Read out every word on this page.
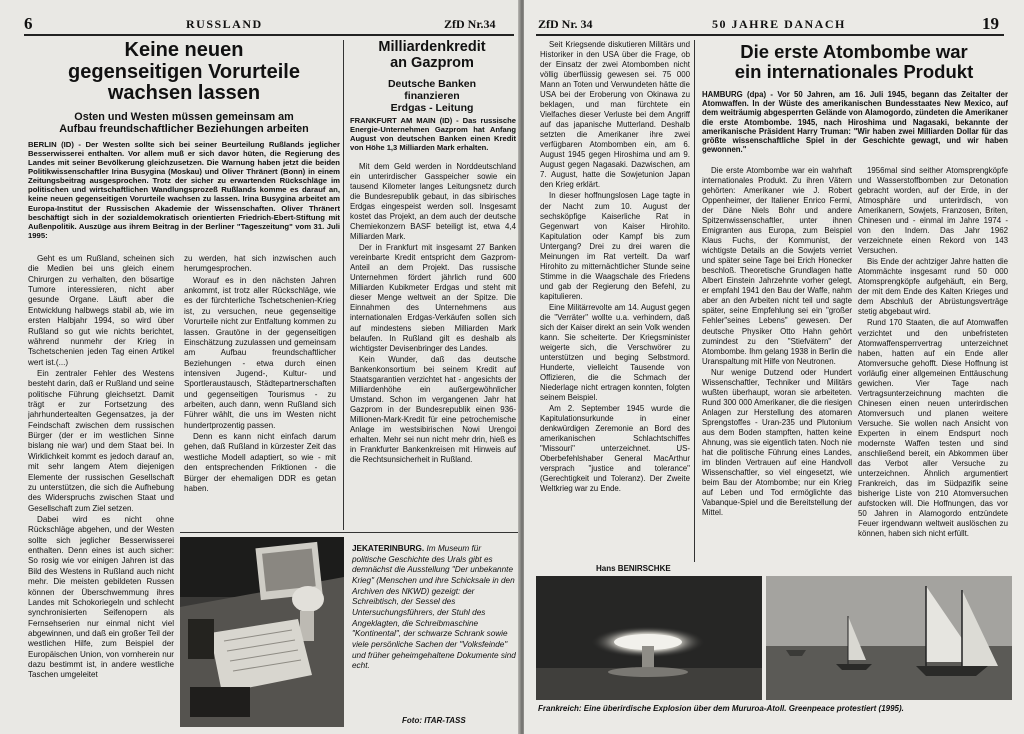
6	RUSSLAND	ZfD Nr.34
Keine neuen
gegenseitigen Vorurteile
wachsen lassen
Osten und Westen müssen gemeinsam am
Aufbau freundschaftlicher Beziehungen arbeiten
BERLIN (ID) - Der Westen sollte sich bei seiner Beurteilung Rußlands jeglicher Besserwisserei enthalten. Vor allem muß er sich davor hüten, die Regierung des Landes mit seiner Bevölkerung gleichzusetzen. Die Warnung haben jetzt die beiden Politikwissenschaftler Irina Busygina (Moskau) und Oliver Thränert (Bonn) in einem Zeitungsbeitrag ausgesprochen. Trotz der sicher zu erwartenden Rückschläge im politischen und wirtschaftlichen Wandlungsprozeß Rußlands komme es darauf an, keine neuen gegenseitigen Vorurteile wachsen zu lassen. Irina Busygina arbeitet am Europa-Institut der Russischen Akademie der Wissenschaften. Oliver Thränert beschäftigt sich in der sozialdemokratisch orientierten Friedrich-Ebert-Stiftung mit Außenpolitik. Auszüge aus ihrem Beitrag in der Berliner "Tageszeitung" vom 31. Juli 1995:

Geht es um Rußland, scheinen sich die Medien bei uns gleich einem Chirurgen zu verhalten, den bösartige Tumore interessieren, nicht aber gesunde Organe. Läuft aber die Entwicklung halbwegs stabil ab, wie im ersten Halbjahr 1994, so wird über Rußland so gut wie nichts berichtet, während nunmehr der Krieg in Tschetschenien jeden Tag einen Artikel wert ist.(...)

Ein zentraler Fehler des Westens besteht darin, daß er Rußland und seine politische Führung gleichsetzt. Damit trägt er zur Fortsetzung des jahrhundertealten Gegensatzes, ja der Feindschaft zwischen dem russischen Bürger (der er im westlichen Sinne bislang nie war) und dem Staat bei. In Wirklichkeit kommt es jedoch darauf an, mit sehr langem Atem diejenigen Elemente der russischen Gesellschaft zu unterstützen, die sich die Aufhebung des Widerspruchs zwischen Staat und Gesellschaft zum Ziel setzen.

Dabei wird es nicht ohne Rückschläge abgehen, und der Westen sollte sich jeglicher Besserwisserei enthalten. Denn eines ist auch sicher: So rosig wie vor einigen Jahren ist das Bild des Westens in Rußland auch nicht mehr. Die meisten gebildeten Russen können der Überschwemmung ihres Landes mit Schokoriegeln und schlecht synchronisierten Seifenopern als Fernsehserien nur einmal nicht viel abgewinnen, und daß ein großer Teil der westlichen Hilfe, zum Beispiel der Europäischen Union, von vornherein nur dazu bestimmt ist, in andere westliche Taschen umgeleitet

zu werden, hat sich inzwischen auch herumgesprochen.

Worauf es in den nächsten Jahren ankommt, ist trotz aller Rückschläge, wie es der fürchterliche Tschetschenien-Krieg ist, zu versuchen, neue gegenseitige Vorurteile nicht zur Entfaltung kommen zu lassen. Grautöne in der gegenseitigen Einschätzung zuzulassen und gemeinsam am Aufbau freundschaftlicher Beziehungen - etwa durch einen intensiven Jugend-, Kultur- und Sportleraustausch, Städtepartnerschaften und gegenseitigen Tourismus - zu arbeiten, auch dann, wenn Rußland sich Führer wählt, die uns im Westen nicht hundertprozentig passen.

Denn es kann nicht einfach darum gehen, daß Rußland in kürzester Zeit das westliche Modell adaptiert, so wie - mit den entsprechenden Friktionen - die Bürger der ehemaligen DDR es getan haben.

Milliardenkredit
an Gazprom
Deutsche Banken
finanzieren
Erdgas - Leitung
FRANKFURT AM MAIN (ID) - Das russische Energie-Unternehmen Gazprom hat Anfang August von deutschen Banken einen Kredit von Höhe 1,3 Milliarden Mark erhalten.

Mit dem Geld werden in Norddeutschland ein unterirdischer Gasspeicher sowie ein tausend Kilometer langes Leitungsnetz durch die Bundesrepublik gebaut, in das sibirisches Erdgas eingespeist werden soll. Insgesamt kostet das Projekt, an dem auch der deutsche Chemiekonzern BASF beteiligt ist, etwa 4,4 Milliarden Mark.

Der in Frankfurt mit insgesamt 27 Banken vereinbarte Kredit entspricht dem Gazprom-Anteil an dem Projekt. Das russische Unternehmen fördert jährlich rund 600 Milliarden Kubikmeter Erdgas und steht mit dieser Menge weltweit an der Spitze. Die Einnahmen des Unternehmens aus internationalen Erdgas-Verkäufen sollen sich auf mindestens sieben Milliarden Mark belaufen. In Rußland gilt es deshalb als wichtigster Devisenbringer des Landes.

Kein Wunder, daß das deutsche Bankenkonsortium bei seinem Kredit auf Staatsgarantien verzichtet hat - angesichts der Milliardenhöhe ein außergewöhnlicher Umstand. Schon im vergangenen Jahr hat Gazprom in der Bundesrepublik einen 936-Millionen-Mark-Kredit für eine petrochemische Anlage im westsibirischen Nowi Urengoi erhalten. Mehr sei nun nicht mehr drin, hieß es in Frankfurter Bankenkreisen mit Hinweis auf die Rechtsunsicherheit in Rußland.

JEKATERINBURG. Im Museum für politische Geschichte des Urals gibt es demnächst die Ausstellung "Der unbekannte Krieg" (Menschen und ihre Schicksale in den Archiven des NKWD) gezeigt: der Schreibtisch, der Sessel des Untersuchungsführers, der Stuhl des Angeklagten, die Schreibmaschine "Kontinental", der schwarze Schrank sowie viele persönliche Sachen der "Volksfeinde" und früher geheimgehaltene Dokumente sind echt.
Foto: ITAR-TASS
ZfD Nr. 34	50 JAHRE DANACH	19

Seit Kriegsende diskutieren Militärs und Historiker in den USA über die Frage, ob der Einsatz der zwei Atombomben nicht völlig überflüssig gewesen sei. 75 000 Mann an Toten und Verwundeten hätte die USA bei der Eroberung von Okinawa zu beklagen, und man fürchtete ein Vielfaches dieser Verluste bei dem Angriff auf das japanische Mutterland. Deshalb setzten die Amerikaner ihre zwei verfügbaren Atombomben ein, am 6. August 1945 gegen Hiroshima und am 9. August gegen Nagasaki. Dazwischen, am 7. August, hatte die Sowjetunion Japan den Krieg erklärt.

In dieser hoffnungslosen Lage tagte in der Nacht zum 10. August der sechsköpfige Kaiserliche Rat in Gegenwart von Kaiser Hirohito. Kapitulation oder Kampf bis zum Untergang? Drei zu drei waren die Meinungen im Rat verteilt. Da warf Hirohito zu mitternächtlicher Stunde seine Stimme in die Waagschale des Friedens und gab der Regierung den Befehl, zu kapitulieren.

Eine Militärrevolte am 14. August gegen die "Verräter" wollte u.a. verhindern, daß sich der Kaiser direkt an sein Volk wenden kann. Sie scheiterte. Der Kriegsminister weigerte sich, die Verschwörer zu unterstützen und beging Selbstmord. Hunderte, vielleicht Tausende von Offizieren, die die Schmach der Niederlage nicht ertragen konnten, folgten seinem Beispiel.

Am 2. September 1945 wurde die Kapitulationsurkunde in einer denkwürdigen Zeremonie an Bord des amerikanischen Schlachtschiffes "Missouri" unterzeichnet. US-Oberbefehlshaber General MacArthur versprach "justice and tolerance" (Gerechtigkeit und Toleranz). Der Zweite Weltkrieg war zu Ende.

Die erste Atombombe war
ein internationales Produkt
HAMBURG (dpa) - Vor 50 Jahren, am 16. Juli 1945, begann das Zeitalter der Atomwaffen. In der Wüste des amerikanischen Bundesstaates New Mexico, auf dem weiträumig abgesperrten Gelände von Alamogordo, zündeten die Amerikaner die erste Atombombe. 1945, nach Hiroshima und Nagasaki, bekannte der amerikanische Präsident Harry Truman: "Wir haben zwei Milliarden Dollar für das größte wissenschaftliche Spiel in der Geschichte gewagt, und wir haben gewonnen."

Die erste Atombombe war ein wahrhaft internationales Produkt. Zu ihren Vätern gehörten: Amerikaner wie J. Robert Oppenheimer, der Italiener Enrico Fermi, der Däne Niels Bohr und andere Spitzenwissenschaftler, unter ihnen Emigranten aus Europa, zum Beispiel Klaus Fuchs, der Kommunist, der wichtigste Details an die Sowjets verriet und später seine Tage bei Erich Honecker beschloß. Theoretische Grundlagen hatte Albert Einstein Jahrzehnte vorher gelegt, er empfahl 1941 den Bau der Waffe, nahm aber an den Arbeiten nicht teil und sagte später, seine Empfehlung sei ein "großer Fehler"seines Lebens" gewesen. Der deutsche Physiker Otto Hahn gehört zumindest zu den "Stiefvätern" der Atombombe. Ihm gelang 1938 in Berlin die Uranspaltung mit Hilfe von Neutronen.

Nur wenige Dutzend oder Hundert Wissenschaftler, Techniker und Militärs wußten überhaupt, woran sie arbeiteten. Rund 300 000 Amerikaner, die die riesigen Anlagen zur Herstellung des atomaren Sprengstoffes - Uran-235 und Plutonium aus dem Boden stampften, hatten keine Ahnung, was sie eigentlich taten. Noch nie hat die politische Führung eines Landes, im blinden Vertrauen auf eine Handvoll Wissenschaftler, so viel eingesetzt, wie beim Bau der Atombombe; nur ein Krieg auf Leben und Tod ermöglichte das Vabanque-Spiel und die Bereitstellung der Mittel.

1956mal sind seither Atomsprengköpfe und Wasserstoffbomben zur Detonation gebracht worden, auf der Erde, in der Atmosphäre und unterirdisch, von Amerikanern, Sowjets, Franzosen, Briten, Chinesen und - einmal im Jahre 1974 - von den Indern. Das Jahr 1962 verzeichnete einen Rekord von 143 Versuchen.

Bis Ende der achtziger Jahre hatten die Atommächte insgesamt rund 50 000 Atomsprengköpfe aufgehäuft, ein Berg, der mit dem Ende des Kalten Krieges und dem Abschluß der Abrüstungsverträge stetig abgebaut wird.

Rund 170 Staaten, die auf Atomwaffen verzichtet und den unbefristeten Atomwaffensperrvertrag unterzeichnet haben, hatten auf ein Ende aller Atomversuche gehofft. Diese Hoffnung ist vorläufig einer allgemeinen Enttäuschung gewichen. Vier Tage nach Vertragsunterzeichnung machten die Chinesen einen neuen unterirdischen Atomversuch und planen weitere Versuche. Sie wollen nach Ansicht von Experten in einem Endspurt noch modernste Waffen testen und sind anschließend bereit, ein Abkommen über das Verbot aller Versuche zu unterzeichnen. Ähnlich argumentiert Frankreich, das im Südpazifik seine bisherige Liste von 210 Atomversuchen aufstocken will. Die Hoffnungen, das vor 50 Jahren in Alamogordo entzündete Feuer irgendwann weltweit auslöschen zu können, haben sich nicht erfüllt.

Hans BENIRSCHKE
Frankreich: Eine überirdische Explosion über dem Mururoa-Atoll. Greenpeace protestiert (1995).
